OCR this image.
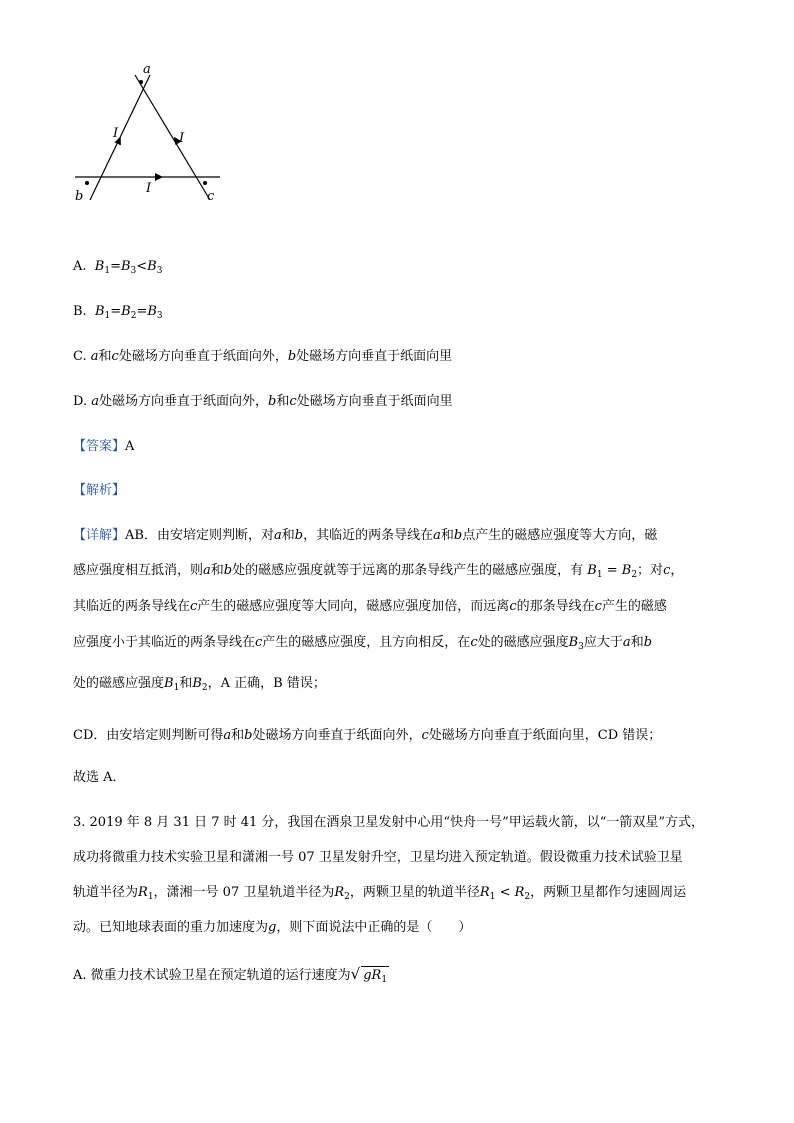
a
b	c
I	I
I
A. $B_1=B_3<B_3$
B. $B_1=B_2=B_3$
C. a和c处磁场方向垂直于纸面向外，b处磁场方向垂直于纸面向里
D. a处磁场方向垂直于纸面向外，b和c处磁场方向垂直于纸面向里
【答案】A
【解析】
【详解】AB．由安培定则判断，对a和b，其临近的两条导线在a和b点产生的磁感应强度等大方向，磁
感应强度相互抵消，则a和b处的磁感应强度就等于远离的那条导线产生的磁感应强度，有 $B_1 = B_2$；对c，
其临近的两条导线在c产生的磁感应强度等大同向，磁感应强度加倍，而远离c的那条导线在c产生的磁感
应强度小于其临近的两条导线在c产生的磁感应强度，且方向相反，在c处的磁感应强度$B_3$应大于a和b
处的磁感应强度$B_1$和$B_2$，A 正确，B 错误；
CD．由安培定则判断可得a和b处磁场方向垂直于纸面向外，c处磁场方向垂直于纸面向里，CD 错误；
故选 A．
3. 2019 年 8 月 31 日 7 时 41 分，我国在酒泉卫星发射中心用“快舟一号”甲运载火箭，以“一箭双星”方式，
成功将微重力技术实验卫星和潇湘一号 07 卫星发射升空，卫星均进入预定轨道。假设微重力技术试验卫星
轨道半径为$R_1$，潇湘一号 07 卫星轨道半径为$R_2$，两颗卫星的轨道半径$R_1 < R_2$，两颗卫星都作匀速圆周运
动。已知地球表面的重力加速度为g，则下面说法中正确的是（　　）
A. 微重力技术试验卫星在预定轨道的运行速度为√ $gR_1$
